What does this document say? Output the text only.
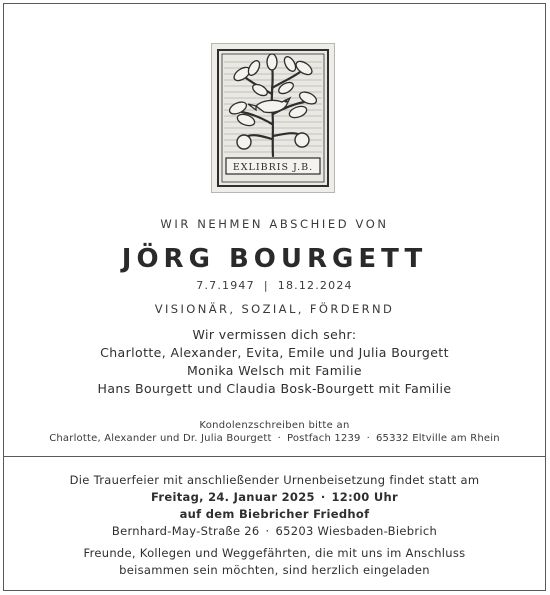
EXLIBRIS J.B.
WIR NEHMEN ABSCHIED VON
JÖRG BOURGETT
7.7.1947 | 18.12.2024
VISIONÄR, SOZIAL, FÖRDERND
Wir vermissen dich sehr:
Charlotte, Alexander, Evita, Emile und Julia Bourgett
Monika Welsch mit Familie
Hans Bourgett und Claudia Bosk-Bourgett mit Familie
Kondolenzschreiben bitte an
Charlotte, Alexander und Dr. Julia Bourgett · Postfach 1239 · 65332 Eltville am Rhein
Die Trauerfeier mit anschließender Urnenbeisetzung findet statt am
Freitag, 24. Januar 2025 · 12:00 Uhr
auf dem Biebricher Friedhof
Bernhard-May-Straße 26 · 65203 Wiesbaden-Biebrich
Freunde, Kollegen und Weggefährten, die mit uns im Anschluss
beisammen sein möchten, sind herzlich eingeladen
